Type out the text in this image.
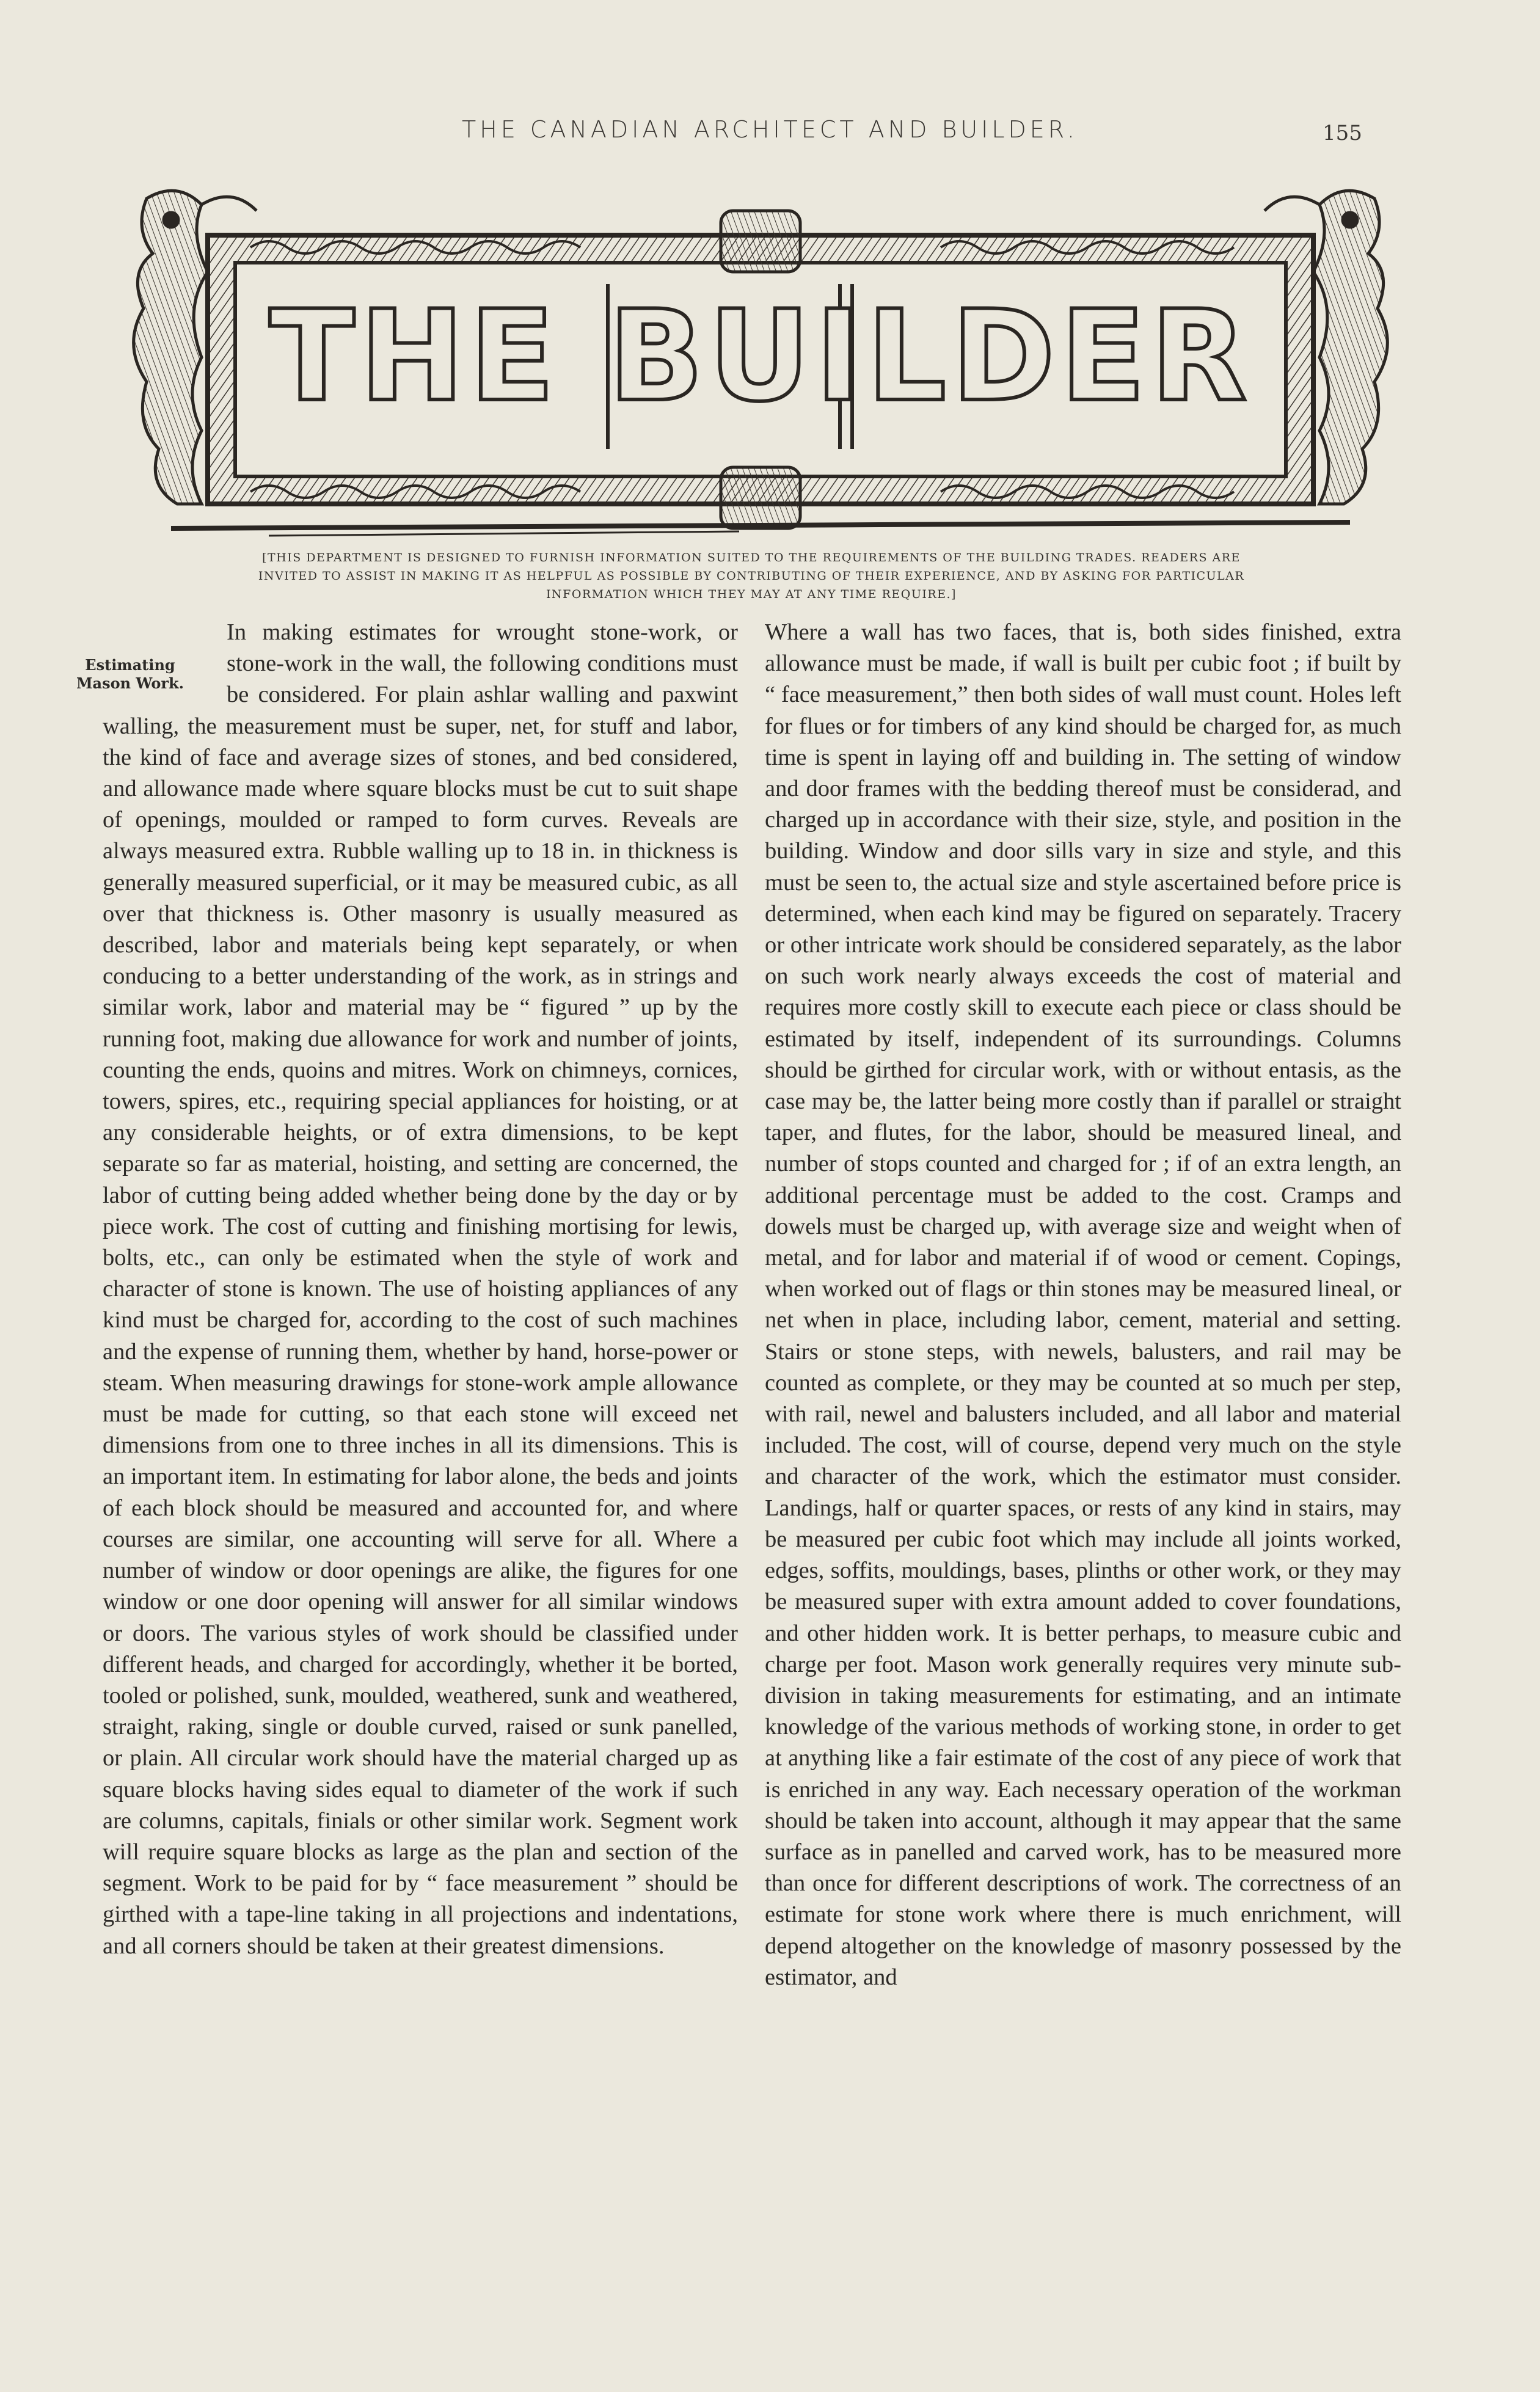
THE CANADIAN ARCHITECT AND BUILDER.	155
THE BUILDER
[THIS DEPARTMENT IS DESIGNED TO FURNISH INFORMATION SUITED TO THE REQUIREMENTS OF THE BUILDING TRADES. READERS ARE INVITED TO ASSIST IN MAKING IT AS HELPFUL AS POSSIBLE BY CONTRIBUTING OF THEIR EXPERIENCE, AND BY ASKING FOR PARTICULAR INFORMATION WHICH THEY MAY AT ANY TIME REQUIRE.]
Estimating
Mason Work.
In making estimates for wrought stone-work, or stone-work in the wall, the following conditions must be considered. For plain ashlar walling and paxwint walling, the measurement must be super, net, for stuff and labor, the kind of face and average sizes of stones, and bed considered, and allowance made where square blocks must be cut to suit shape of openings, moulded or ramped to form curves. Reveals are always measured extra. Rubble walling up to 18 in. in thickness is generally measured superficial, or it may be measured cubic, as all over that thickness is. Other masonry is usually measured as described, labor and materials being kept separately, or when conducing to a better understanding of the work, as in strings and similar work, labor and material may be “ figured ” up by the running foot, making due allowance for work and number of joints, counting the ends, quoins and mitres. Work on chimneys, cornices, towers, spires, etc., requiring special appliances for hoisting, or at any considerable heights, or of extra dimensions, to be kept separate so far as material, hoisting, and setting are concerned, the labor of cutting being added whether being done by the day or by piece work. The cost of cutting and finishing mortising for lewis, bolts, etc., can only be estimated when the style of work and character of stone is known. The use of hoisting appliances of any kind must be charged for, according to the cost of such machines and the expense of running them, whether by hand, horse-power or steam. When measuring drawings for stone-work ample allowance must be made for cutting, so that each stone will exceed net dimensions from one to three inches in all its dimensions. This is an important item. In estimating for labor alone, the beds and joints of each block should be measured and accounted for, and where courses are similar, one accounting will serve for all. Where a number of window or door openings are alike, the figures for one window or one door opening will answer for all similar windows or doors. The various styles of work should be classified under different heads, and charged for accordingly, whether it be borted, tooled or polished, sunk, moulded, weathered, sunk and weathered, straight, raking, single or double curved, raised or sunk panelled, or plain. All circular work should have the material charged up as square blocks having sides equal to diameter of the work if such are columns, capitals, finials or other similar work. Segment work will require square blocks as large as the plan and section of the segment. Work to be paid for by “ face measurement ” should be girthed with a tape-line taking in all projections and indentations, and all corners should be taken at their greatest dimensions.
Where a wall has two faces, that is, both sides finished, extra allowance must be made, if wall is built per cubic foot ; if built by “ face measurement,” then both sides of wall must count. Holes left for flues or for timbers of any kind should be charged for, as much time is spent in laying off and building in. The setting of window and door frames with the bedding thereof must be considerad, and charged up in accordance with their size, style, and position in the building. Window and door sills vary in size and style, and this must be seen to, the actual size and style ascertained before price is determined, when each kind may be figured on separately. Tracery or other intricate work should be considered separately, as the labor on such work nearly always exceeds the cost of material and requires more costly skill to execute each piece or class should be estimated by itself, independent of its surroundings. Columns should be girthed for circular work, with or without entasis, as the case may be, the latter being more costly than if parallel or straight taper, and flutes, for the labor, should be measured lineal, and number of stops counted and charged for ; if of an extra length, an additional percentage must be added to the cost. Cramps and dowels must be charged up, with average size and weight when of metal, and for labor and material if of wood or cement. Copings, when worked out of flags or thin stones may be measured lineal, or net when in place, including labor, cement, material and setting. Stairs or stone steps, with newels, balusters, and rail may be counted as complete, or they may be counted at so much per step, with rail, newel and balusters included, and all labor and material included. The cost, will of course, depend very much on the style and character of the work, which the estimator must consider. Landings, half or quarter spaces, or rests of any kind in stairs, may be measured per cubic foot which may include all joints worked, edges, soffits, mouldings, bases, plinths or other work, or they may be measured super with extra amount added to cover foundations, and other hidden work. It is better perhaps, to measure cubic and charge per foot. Mason work generally requires very minute sub-division in taking measurements for estimating, and an intimate knowledge of the various methods of working stone, in order to get at anything like a fair estimate of the cost of any piece of work that is enriched in any way. Each necessary operation of the workman should be taken into account, although it may appear that the same surface as in panelled and carved work, has to be measured more than once for different descriptions of work. The correctness of an estimate for stone work where there is much enrichment, will depend altogether on the knowledge of masonry possessed by the estimator, and
